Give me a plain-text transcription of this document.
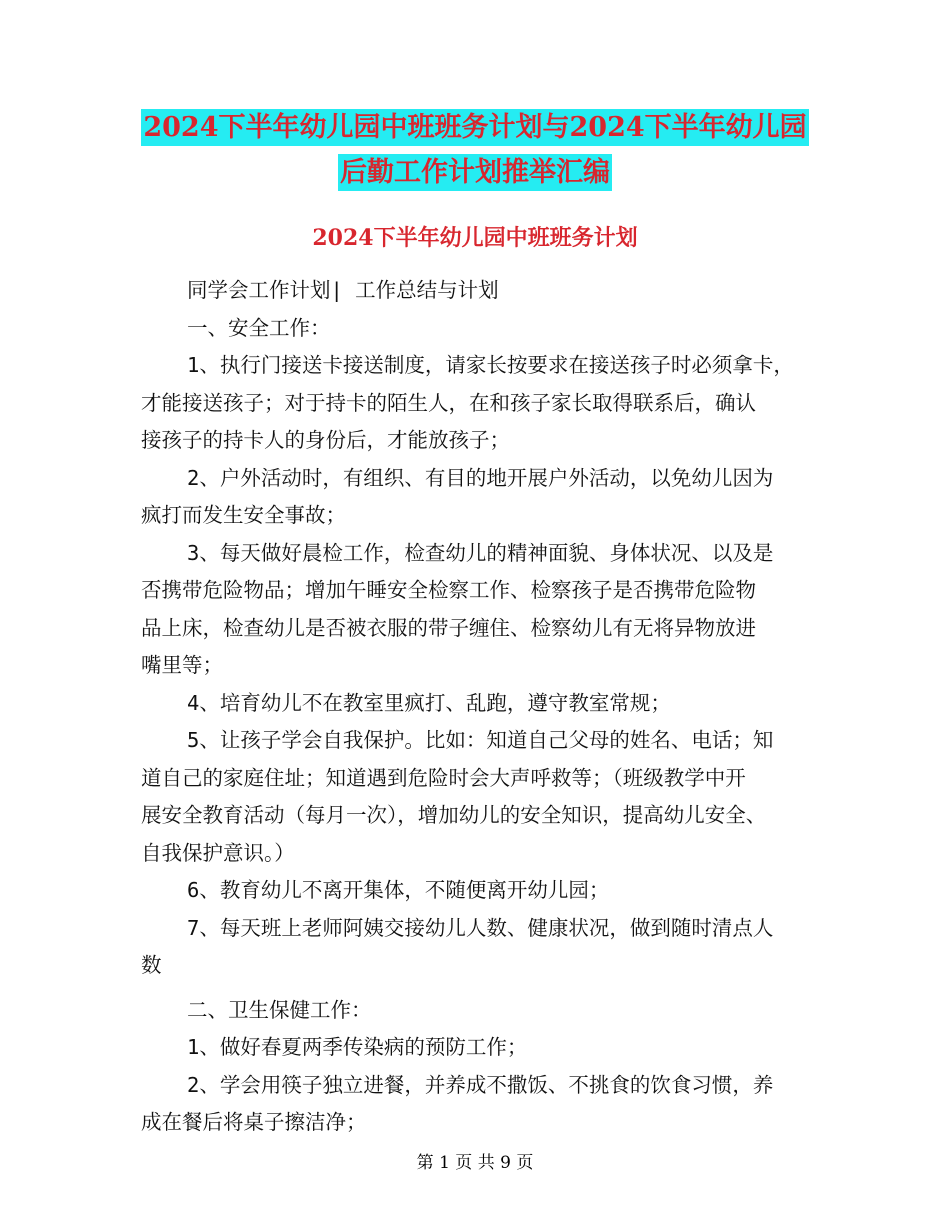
2024下半年幼儿园中班班务计划与2024下半年幼儿园
后勤工作计划推举汇编
2024下半年幼儿园中班班务计划
同学会工作计划| 工作总结与计划
一、安全工作：
1、执行门接送卡接送制度，请家长按要求在接送孩子时必须拿卡，
才能接送孩子；对于持卡的陌生人，在和孩子家长取得联系后，确认
接孩子的持卡人的身份后，才能放孩子；
2、户外活动时，有组织、有目的地开展户外活动，以免幼儿因为
疯打而发生安全事故；
3、每天做好晨检工作，检查幼儿的精神面貌、身体状况、以及是
否携带危险物品；增加午睡安全检察工作、检察孩子是否携带危险物
品上床，检查幼儿是否被衣服的带子缠住、检察幼儿有无将异物放进
嘴里等；
4、培育幼儿不在教室里疯打、乱跑，遵守教室常规；
5、让孩子学会自我保护。比如：知道自己父母的姓名、电话；知
道自己的家庭住址；知道遇到危险时会大声呼救等；（班级教学中开
展安全教育活动（每月一次），增加幼儿的安全知识，提高幼儿安全、
自我保护意识。）
6、教育幼儿不离开集体，不随便离开幼儿园；
7、每天班上老师阿姨交接幼儿人数、健康状况，做到随时清点人
数
二、卫生保健工作：
1、做好春夏两季传染病的预防工作；
2、学会用筷子独立进餐，并养成不撒饭、不挑食的饮食习惯，养
成在餐后将桌子擦洁净；
第 1 页 共 9 页
